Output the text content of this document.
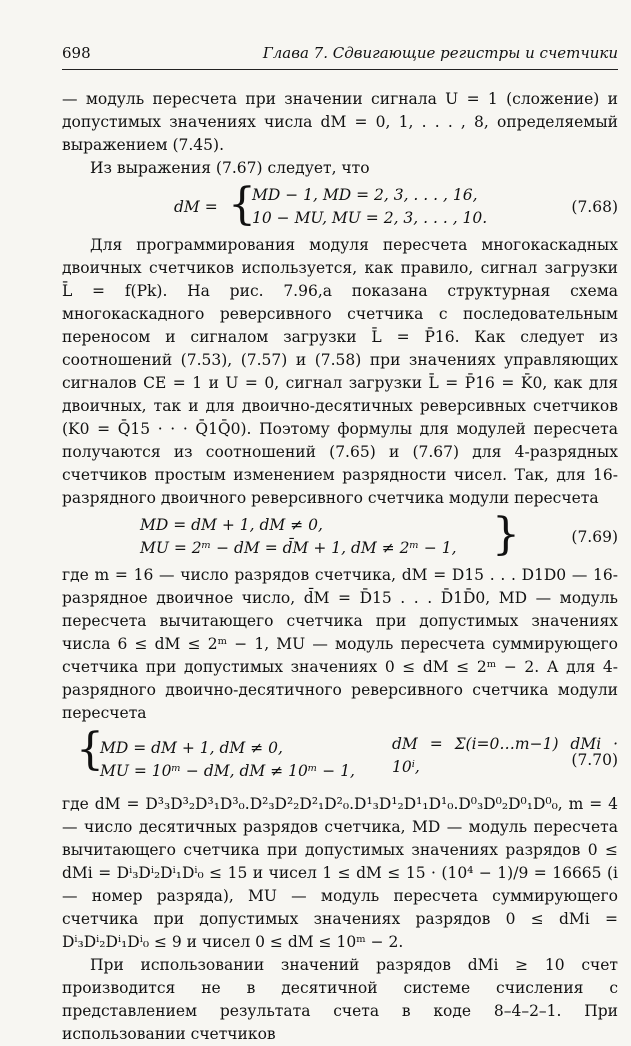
698	Глава 7. Сдвигающие регистры и счетчики

— модуль пересчета при значении сигнала U = 1 (сложение) и допустимых значениях числа dM = 0, 1, . . . , 8, определяемый выражением (7.45).

Из выражения (7.67) следует, что

dM = {
MD − 1, MD = 2, 3, . . . , 16,
10 − MU, MU = 2, 3, . . . , 10.
(7.68)

Для программирования модуля пересчета многокаскадных двоичных счетчиков используется, как правило, сигнал загрузки L̄ = f(Pk). На рис. 7.96,а показана структурная схема многокаскадного реверсивного счетчика с последовательным переносом и сигналом загрузки L̄ = P̄16. Как следует из соотношений (7.53), (7.57) и (7.58) при значениях управляющих сигналов CE = 1 и U = 0, сигнал загрузки L̄ = P̄16 = K̄0, как для двоичных, так и для двоично-десятичных реверсивных счетчиков (K0 = Q̄15 · · · Q̄1Q̄0). Поэтому формулы для модулей пересчета получаются из соотношений (7.65) и (7.67) для 4-разрядных счетчиков простым изменением разрядности чисел. Так, для 16-разрядного двоичного реверсивного счетчика модули пересчета

MD = dM + 1, dM ≠ 0,
MU = 2ᵐ − dM = d̄M + 1, dM ≠ 2ᵐ − 1, }	(7.69)

где m = 16 — число разрядов счетчика, dM = D15 . . . D1D0 — 16-разрядное двоичное число, d̄M = D̄15 . . . D̄1D̄0, MD — модуль пересчета вычитающего счетчика при допустимых значениях числа 6 ≤ dM ≤ 2ᵐ − 1, MU — модуль пересчета суммирующего счетчика при допустимых значениях 0 ≤ dM ≤ 2ᵐ − 2. А для 4-разрядного двоично-десятичного реверсивного счетчика модули пересчета

{
MD = dM + 1, dM ≠ 0,
MU = 10ᵐ − dM, dM ≠ 10ᵐ − 1,
dM = Σ(i=0…m−1) dMi · 10ⁱ,	(7.70)

где dM = D³₃D³₂D³₁D³₀.D²₃D²₂D²₁D²₀.D¹₃D¹₂D¹₁D¹₀.D⁰₃D⁰₂D⁰₁D⁰₀, m = 4 — число десятичных разрядов счетчика, MD — модуль пересчета вычитающего счетчика при допустимых значениях разрядов 0 ≤ dMi = Dⁱ₃Dⁱ₂Dⁱ₁Dⁱ₀ ≤ 15 и чисел 1 ≤ dM ≤ 15 · (10⁴ − 1)/9 = 16665 (i — номер разряда), MU — модуль пересчета суммирующего счетчика при допустимых значениях разрядов 0 ≤ dMi = Dⁱ₃Dⁱ₂Dⁱ₁Dⁱ₀ ≤ 9 и чисел 0 ≤ dM ≤ 10ᵐ − 2.

При использовании значений разрядов dMi ≥ 10 счет производится не в десятичной системе счисления с представлением результата счета в коде 8–4–2–1. При использовании счетчиков
